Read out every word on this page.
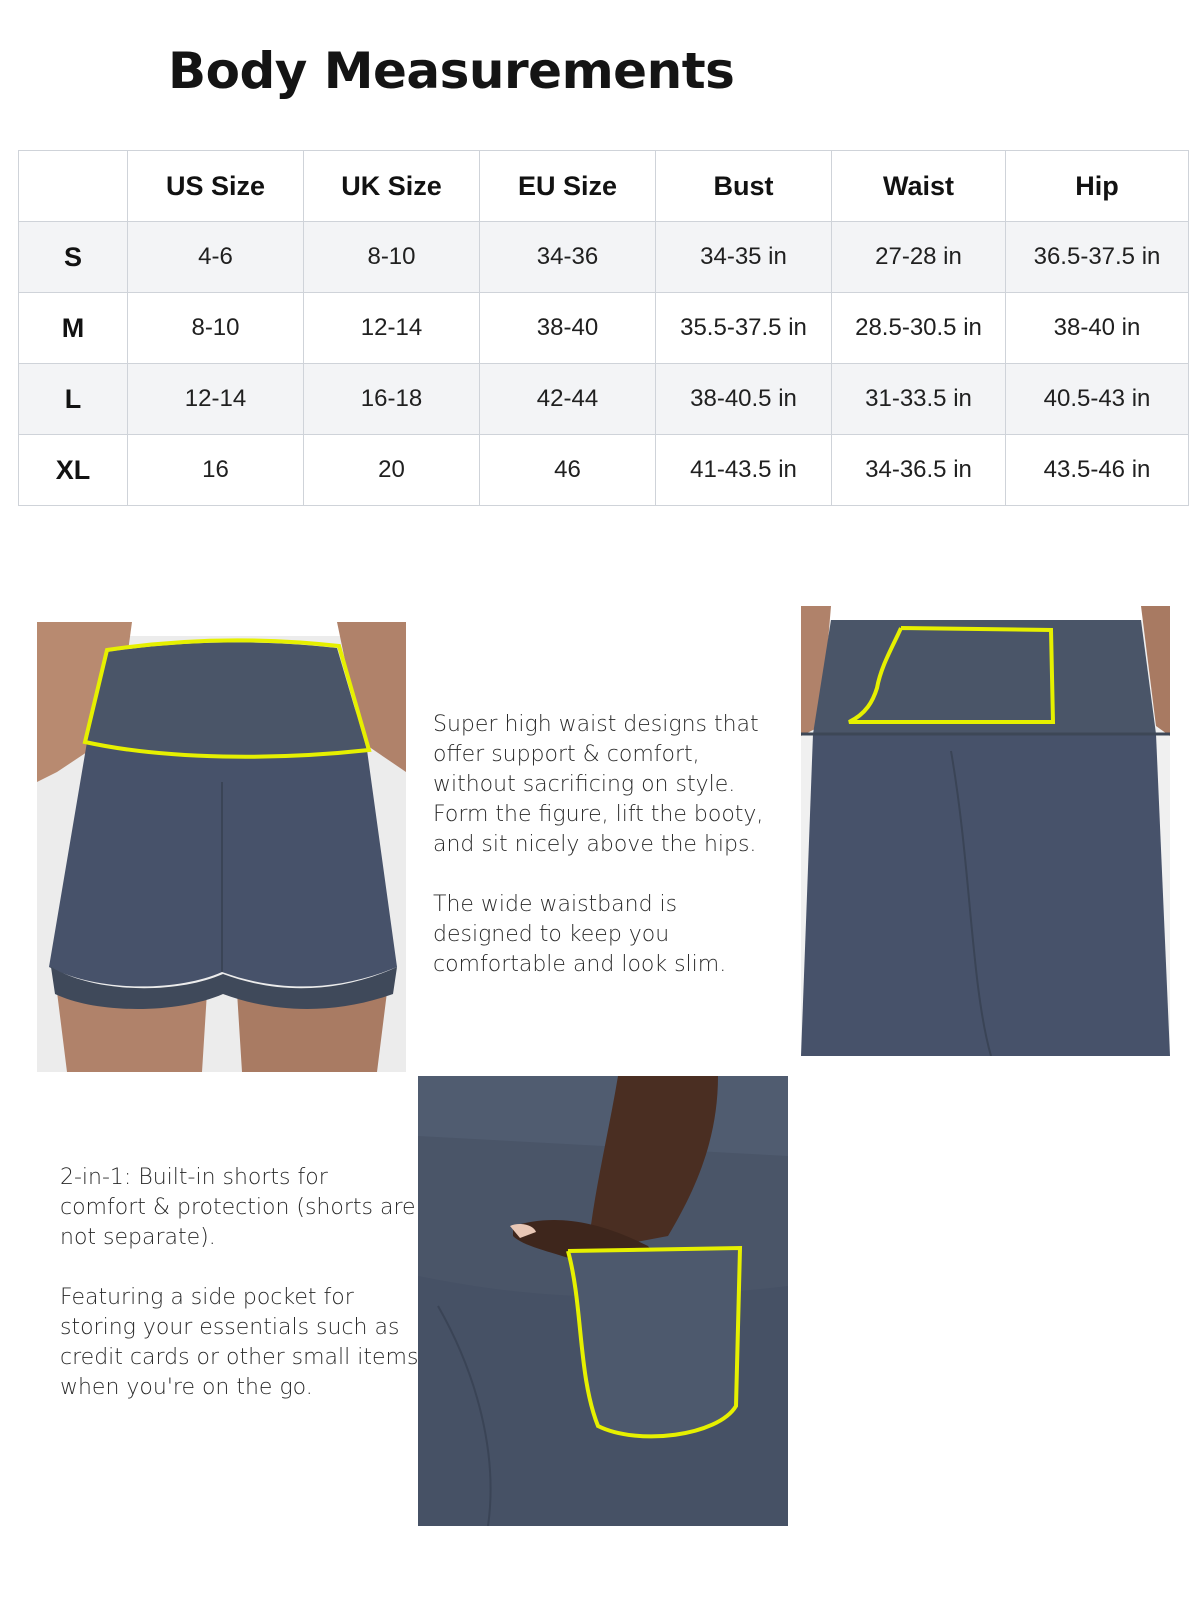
Body Measurements
	US Size	UK Size	EU Size	Bust	Waist	Hip
S	4-6	8-10	34-36	34-35 in	27-28 in	36.5-37.5 in
M	8-10	12-14	38-40	35.5-37.5 in	28.5-30.5 in	38-40 in
L	12-14	16-18	42-44	38-40.5 in	31-33.5 in	40.5-43 in
XL	16	20	46	41-43.5 in	34-36.5 in	43.5-46 in

Super high waist designs that offer support & comfort, without sacrificing on style. Form the figure, lift the booty, and sit nicely above the hips.

The wide waistband is designed to keep you comfortable and look slim.

2-in-1: Built-in shorts for comfort & protection (shorts are not separate).

Featuring a side pocket for storing your essentials such as credit cards or other small items when you're on the go.
